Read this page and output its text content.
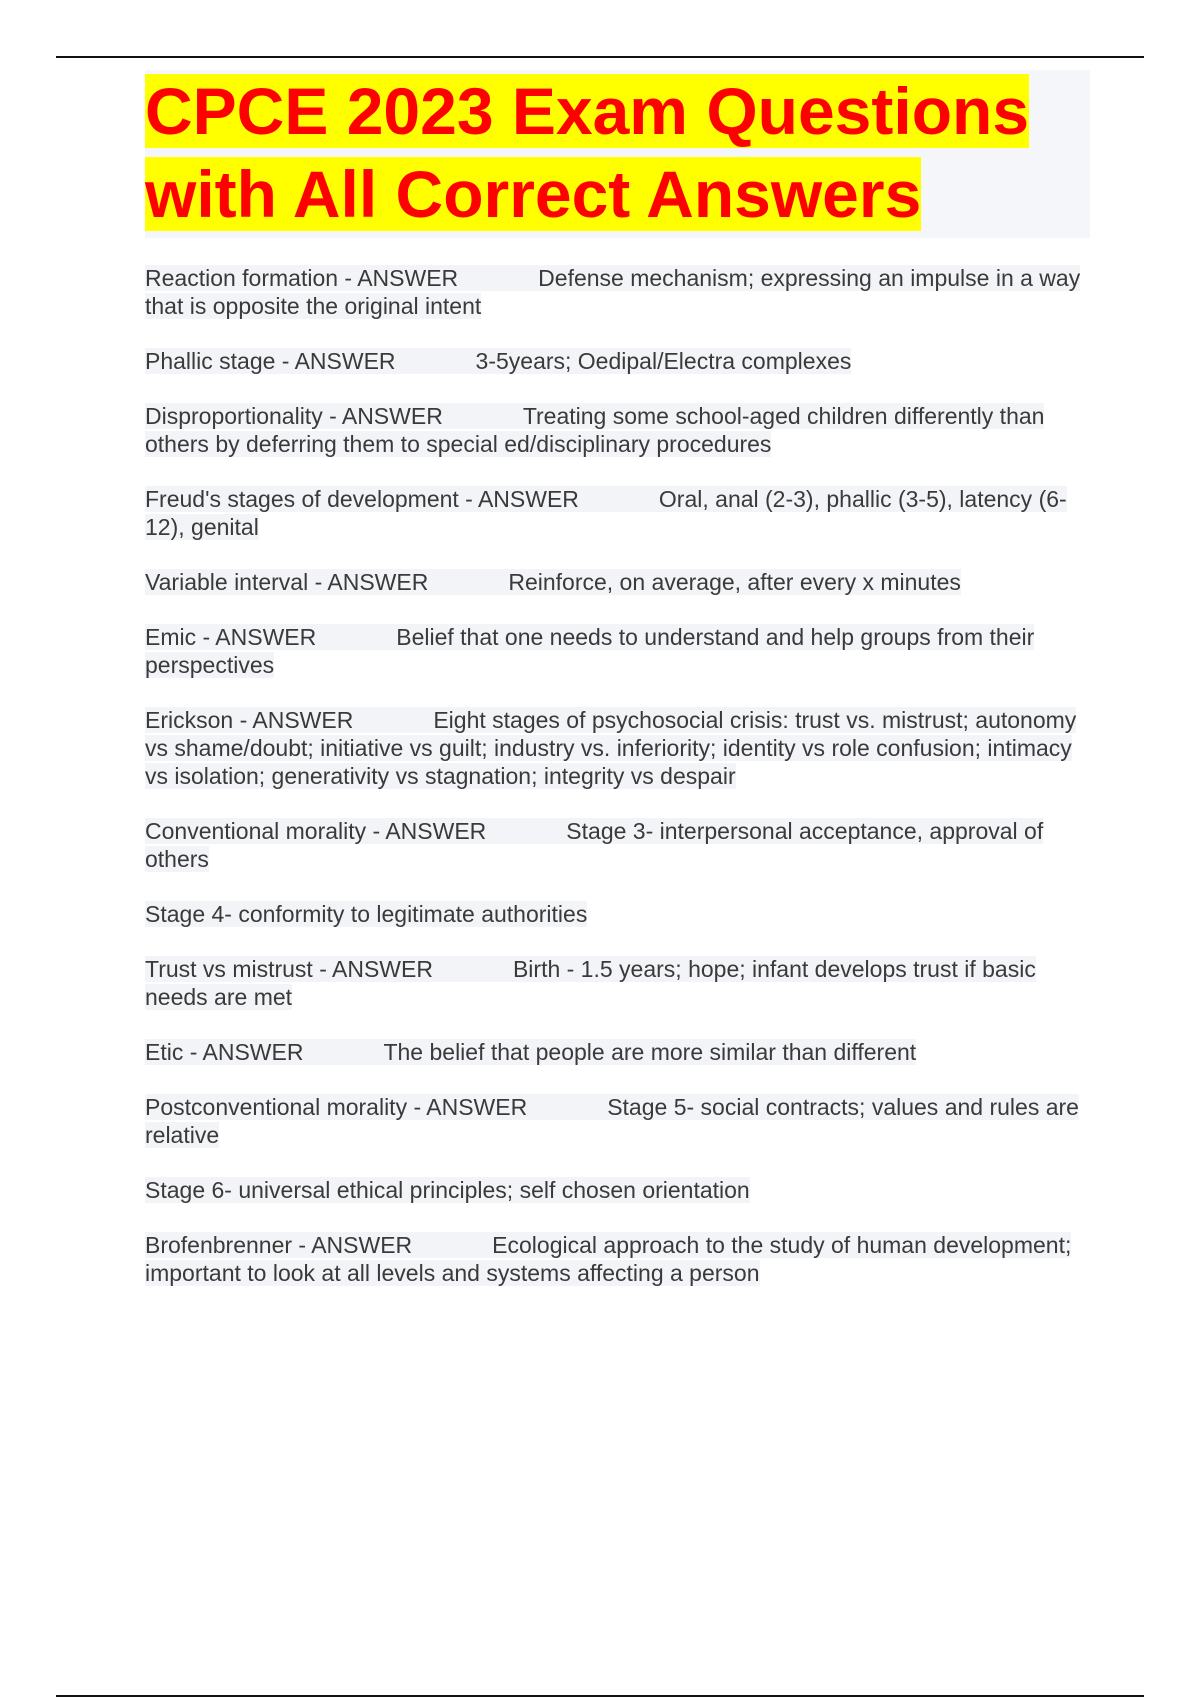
CPCE 2023 Exam Questions with All Correct Answers

Reaction formation - ANSWER	Defense mechanism; expressing an impulse in a way that is opposite the original intent

Phallic stage - ANSWER	3-5years; Oedipal/Electra complexes

Disproportionality - ANSWER	Treating some school-aged children differently than others by deferring them to special ed/disciplinary procedures

Freud's stages of development - ANSWER	Oral, anal (2-3), phallic (3-5), latency (6-12), genital

Variable interval - ANSWER	Reinforce, on average, after every x minutes

Emic - ANSWER	Belief that one needs to understand and help groups from their perspectives

Erickson - ANSWER	Eight stages of psychosocial crisis: trust vs. mistrust; autonomy vs shame/doubt; initiative vs guilt; industry vs. inferiority; identity vs role confusion; intimacy vs isolation; generativity vs stagnation; integrity vs despair

Conventional morality - ANSWER	Stage 3- interpersonal acceptance, approval of others

Stage 4- conformity to legitimate authorities

Trust vs mistrust - ANSWER	Birth - 1.5 years; hope; infant develops trust if basic needs are met

Etic - ANSWER	The belief that people are more similar than different

Postconventional morality - ANSWER	Stage 5- social contracts; values and rules are relative

Stage 6- universal ethical principles; self chosen orientation

Brofenbrenner - ANSWER	Ecological approach to the study of human development; important to look at all levels and systems affecting a person
